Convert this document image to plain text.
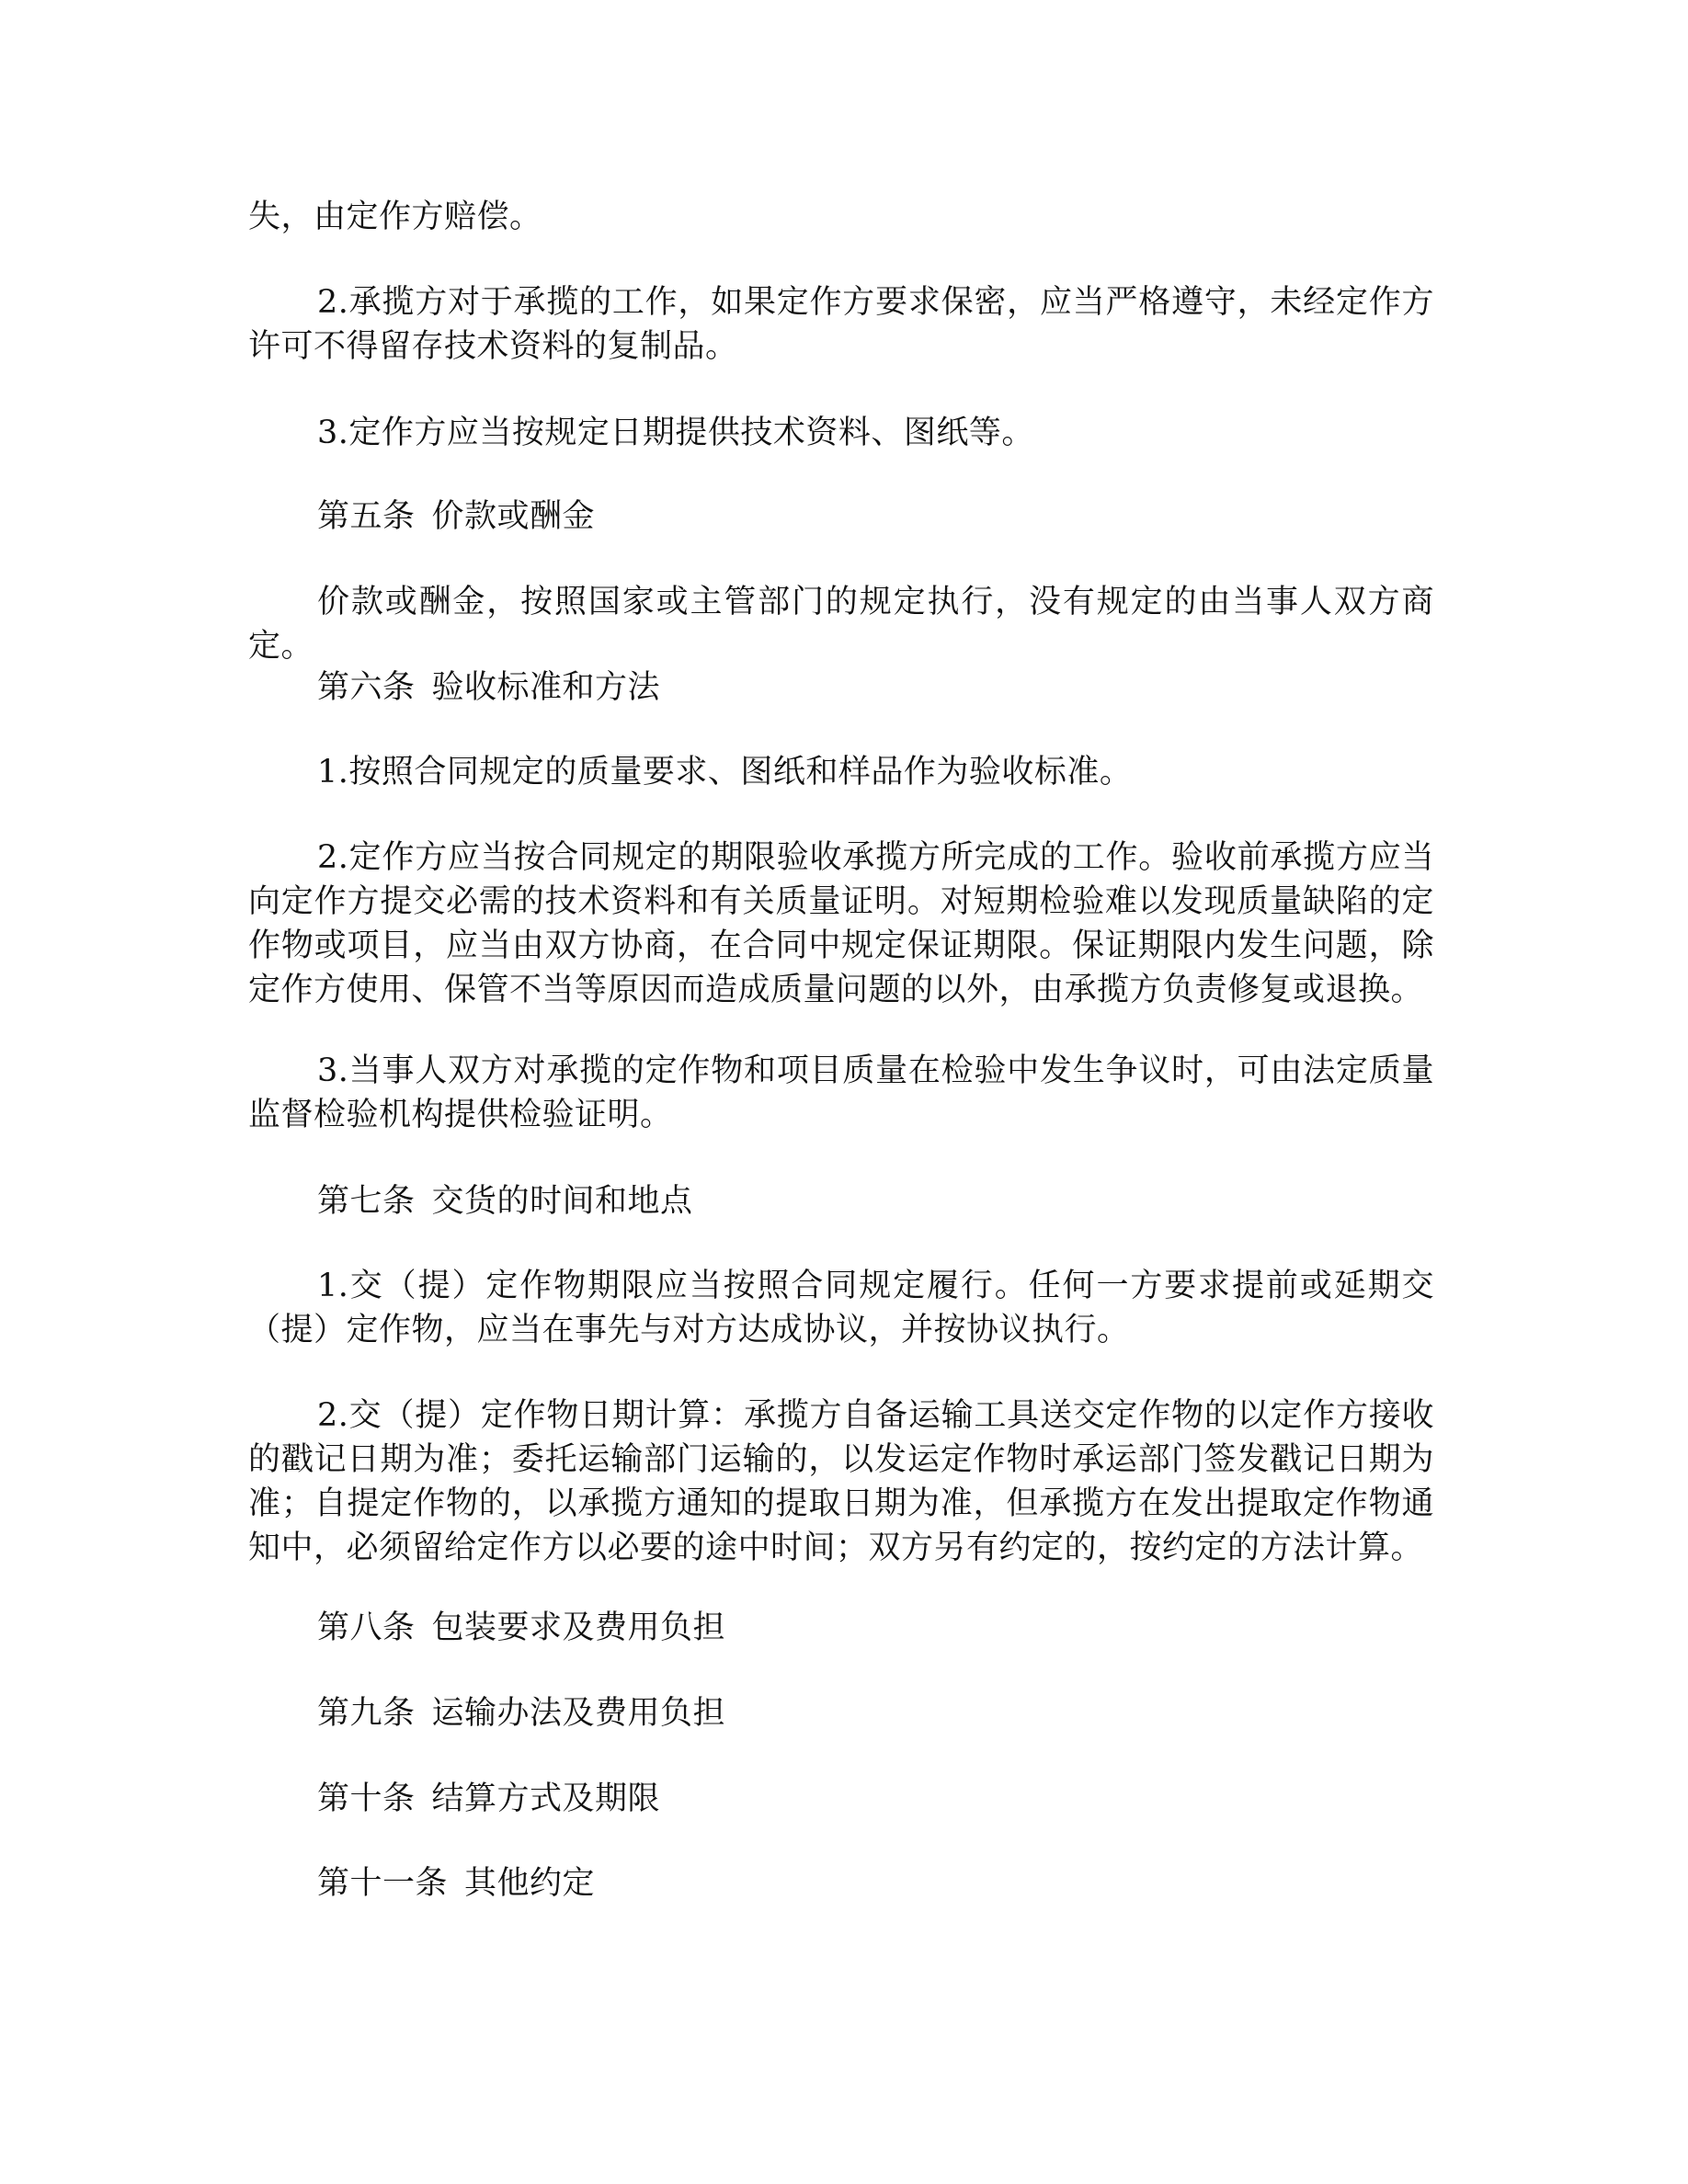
失，由定作方赔偿。

2.承揽方对于承揽的工作，如果定作方要求保密，应当严格遵守，未经定作方许可不得留存技术资料的复制品。

3.定作方应当按规定日期提供技术资料、图纸等。

第五条 价款或酬金

价款或酬金，按照国家或主管部门的规定执行，没有规定的由当事人双方商定。

第六条 验收标准和方法

1.按照合同规定的质量要求、图纸和样品作为验收标准。

2.定作方应当按合同规定的期限验收承揽方所完成的工作。验收前承揽方应当向定作方提交必需的技术资料和有关质量证明。对短期检验难以发现质量缺陷的定作物或项目，应当由双方协商，在合同中规定保证期限。保证期限内发生问题，除定作方使用、保管不当等原因而造成质量问题的以外，由承揽方负责修复或退换。

3.当事人双方对承揽的定作物和项目质量在检验中发生争议时，可由法定质量监督检验机构提供检验证明。

第七条 交货的时间和地点

1.交（提）定作物期限应当按照合同规定履行。任何一方要求提前或延期交（提）定作物，应当在事先与对方达成协议，并按协议执行。

2.交（提）定作物日期计算：承揽方自备运输工具送交定作物的以定作方接收的戳记日期为准；委托运输部门运输的，以发运定作物时承运部门签发戳记日期为准；自提定作物的，以承揽方通知的提取日期为准，但承揽方在发出提取定作物通知中，必须留给定作方以必要的途中时间；双方另有约定的，按约定的方法计算。

第八条 包装要求及费用负担

第九条 运输办法及费用负担

第十条 结算方式及期限

第十一条 其他约定
